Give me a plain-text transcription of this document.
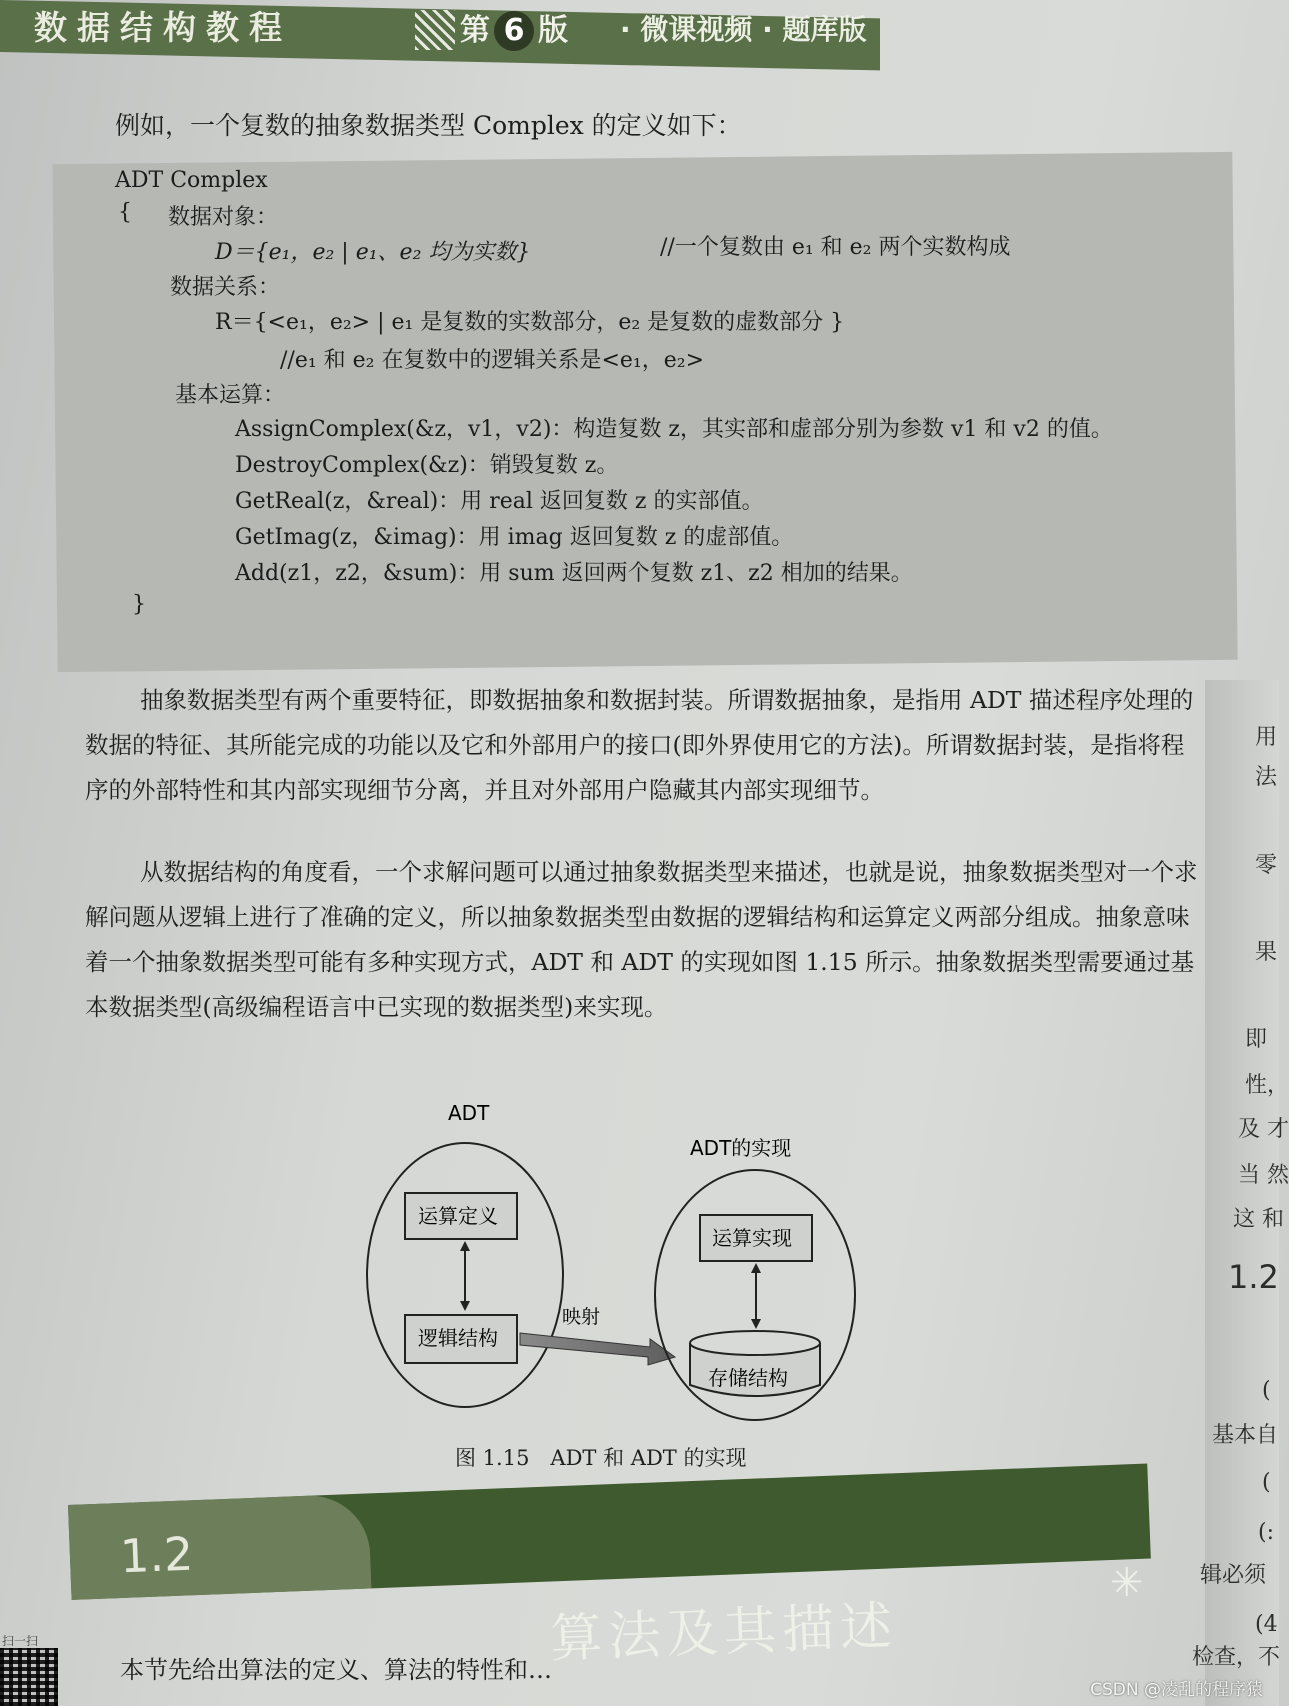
数据结构教程	第 6 版 · 微课视频 · 题库版
例如，一个复数的抽象数据类型 Complex 的定义如下：
ADT Complex
{ 数据对象：
D＝{e₁，e₂ | e₁、e₂ 均为实数}	//一个复数由 e₁ 和 e₂ 两个实数构成
数据关系：
R＝{<e₁，e₂> | e₁ 是复数的实数部分，e₂ 是复数的虚数部分 }
//e₁ 和 e₂ 在复数中的逻辑关系是<e₁，e₂>
基本运算：
AssignComplex(&z，v1，v2)：构造复数 z，其实部和虚部分别为参数 v1 和 v2 的值。
DestroyComplex(&z)：销毁复数 z。
GetReal(z，&real)：用 real 返回复数 z 的实部值。
GetImag(z，&imag)：用 imag 返回复数 z 的虚部值。
Add(z1，z2，&sum)：用 sum 返回两个复数 z1、z2 相加的结果。
}

抽象数据类型有两个重要特征，即数据抽象和数据封装。所谓数据抽象，是指用 ADT 描述程序处理的数据的特征、其所能完成的功能以及它和外部用户的接口(即外界使用它的方法)。所谓数据封装，是指将程序的外部特性和其内部实现细节分离，并且对外部用户隐藏其内部实现细节。

从数据结构的角度看，一个求解问题可以通过抽象数据类型来描述，也就是说，抽象数据类型对一个求解问题从逻辑上进行了准确的定义，所以抽象数据类型由数据的逻辑结构和运算定义两部分组成。抽象意味着一个抽象数据类型可能有多种实现方式，ADT 和 ADT 的实现如图 1.15 所示。抽象数据类型需要通过基本数据类型(高级编程语言中已实现的数据类型)来实现。

ADT
运算定义
逻辑结构
映射
ADT的实现
运算实现
存储结构
图 1.15　ADT 和 ADT 的实现
1.2
算法及其描述
✳
本节先给出算法的定义、算法的特性和…
用
法
零
果
即
性，
及 才
当 然
这 和
1.2
(
基本自
(
(:
辑必须
(4
检查，不
扫一扫
CSDN @凌乱的程序猿
